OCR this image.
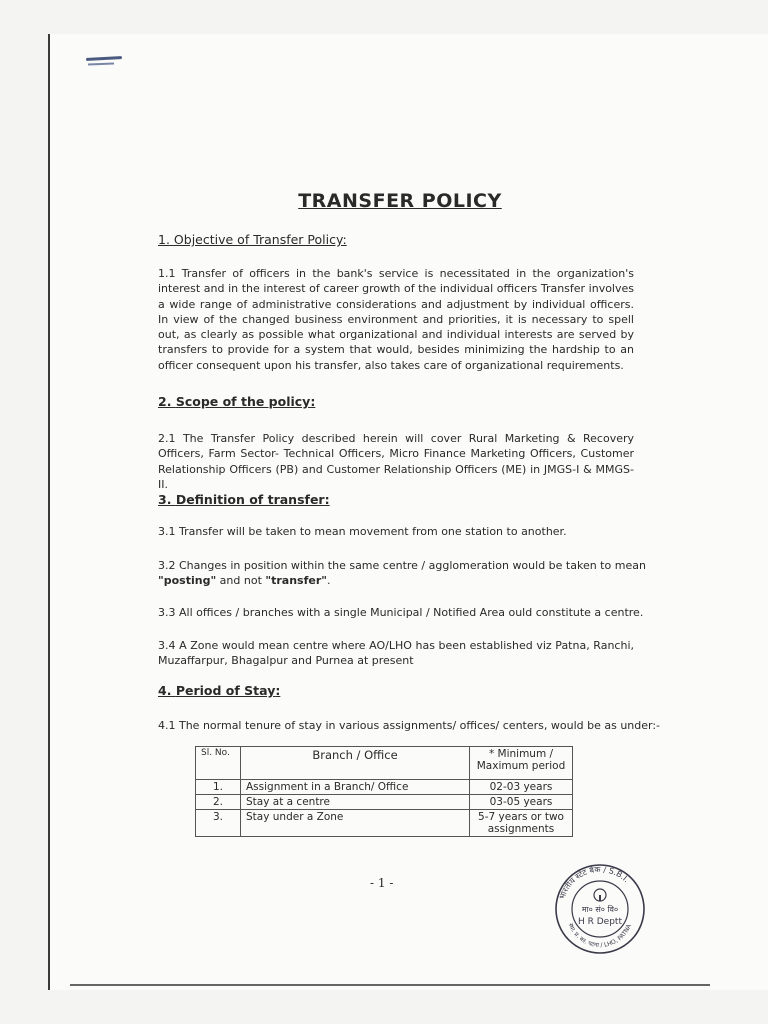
TRANSFER POLICY
1. Objective of Transfer Policy:
1.1 Transfer of officers in the bank's service is necessitated in the organization's interest and in the interest of career growth of the individual officers Transfer involves a wide range of administrative considerations and adjustment by individual officers. In view of the changed business environment and priorities, it is necessary to spell out, as clearly as possible what organizational and individual interests are served by transfers to provide for a system that would, besides minimizing the hardship to an officer consequent upon his transfer, also takes care of organizational requirements.
2. Scope of the policy:
2.1 The Transfer Policy described herein will cover Rural Marketing & Recovery Officers, Farm Sector- Technical Officers, Micro Finance Marketing Officers, Customer Relationship Officers (PB) and Customer Relationship Officers (ME) in JMGS-I & MMGS-II.
3. Definition of transfer:
3.1 Transfer will be taken to mean movement from one station to another.
3.2 Changes in position within the same centre / agglomeration would be taken to mean
"posting" and not "transfer".
3.3 All offices / branches with a single Municipal / Notified Area ould constitute a centre.
3.4 A Zone would mean centre where AO/LHO has been established viz Patna, Ranchi, Muzaffarpur, Bhagalpur and Purnea at present
4. Period of Stay:
4.1 The normal tenure of stay in various assignments/ offices/ centers, would be as under:-
Sl. No.	Branch / Office	* Minimum / Maximum period
1.	Assignment in a Branch/ Office	02-03 years
2.	Stay at a centre	03-05 years
3.	Stay under a Zone	5-7 years or two assignments
- 1 -
भारतीय स्टेट बैंक / S.B.I.
स्था. प्र. का. पटना / LHO, PATNA
मा० सं० वि०
H R Deptt
